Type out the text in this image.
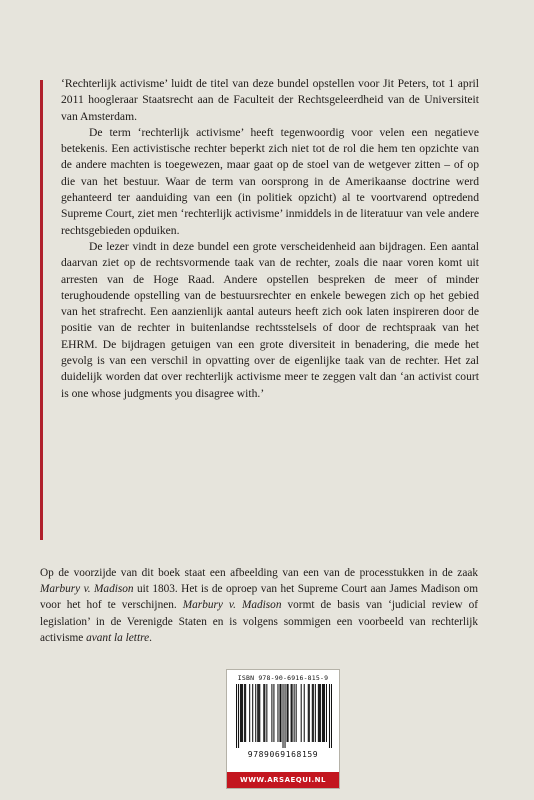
‘Rechterlijk activisme’ luidt de titel van deze bundel opstellen voor Jit Peters, tot 1 april 2011 hoogleraar Staatsrecht aan de Faculteit der Rechtsgeleerdheid van de Universiteit van Amsterdam.

De term ‘rechterlijk activisme’ heeft tegenwoordig voor velen een negatieve betekenis. Een activistische rechter beperkt zich niet tot de rol die hem ten opzichte van de andere machten is toegewezen, maar gaat op de stoel van de wetgever zitten – of op die van het bestuur. Waar de term van oorsprong in de Amerikaanse doctrine werd gehanteerd ter aanduiding van een (in politiek opzicht) al te voortvarend optredend Supreme Court, ziet men ‘rechterlijk activisme’ inmiddels in de literatuur van vele andere rechtsgebieden opduiken.

De lezer vindt in deze bundel een grote verscheidenheid aan bijdragen. Een aantal daarvan ziet op de rechtsvormende taak van de rechter, zoals die naar voren komt uit arresten van de Hoge Raad. Andere opstellen bespreken de meer of minder terughoudende opstelling van de bestuursrechter en enkele bewegen zich op het gebied van het strafrecht. Een aanzienlijk aantal auteurs heeft zich ook laten inspireren door de positie van de rechter in buitenlandse rechtsstelsels of door de rechtspraak van het EHRM. De bijdragen getuigen van een grote diversiteit in benadering, die mede het gevolg is van een verschil in opvatting over de eigenlijke taak van de rechter. Het zal duidelijk worden dat over rechterlijk activisme meer te zeggen valt dan ‘an activist court is one whose judgments you disagree with.’

Op de voorzijde van dit boek staat een afbeelding van een van de processtukken in de zaak Marbury v. Madison uit 1803. Het is de oproep van het Supreme Court aan James Madison om voor het hof te verschijnen. Marbury v. Madison vormt de basis van ‘judicial review of legislation’ in de Verenigde Staten en is volgens sommigen een voorbeeld van rechterlijk activisme avant la lettre.
ISBN 978-90-6916-815-9
9789069168159
WWW.ARSAEQUI.NL
